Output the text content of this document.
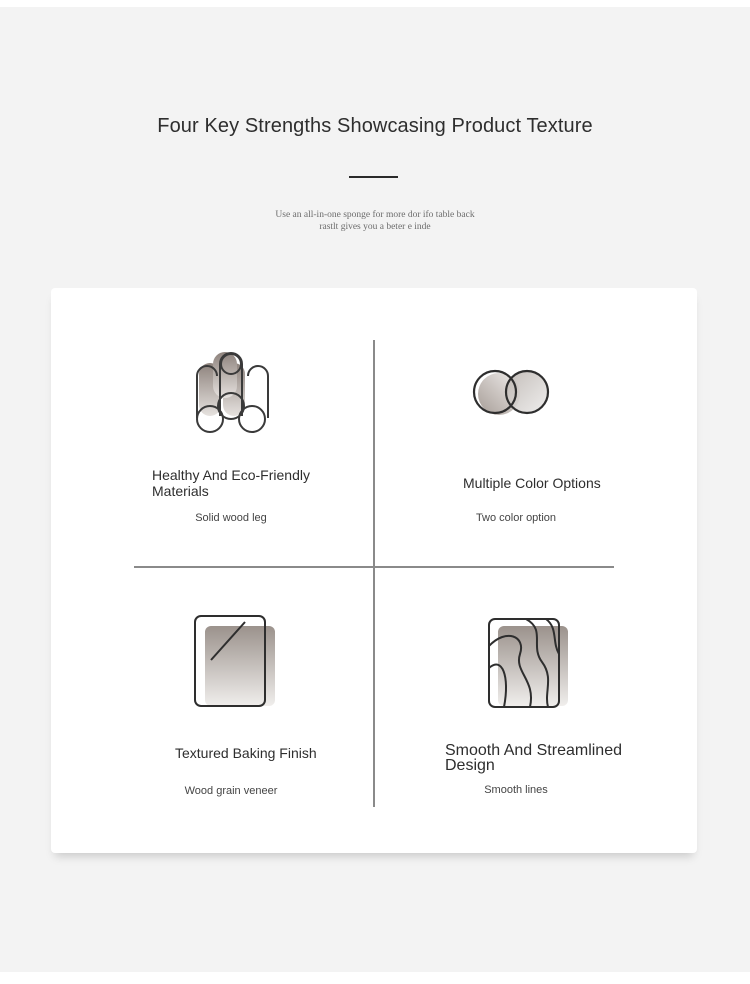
Four Key Strengths Showcasing Product Texture
Use an all-in-one sponge for more dor ifo table back
rastlt gives you a beter e inde
Healthy And Eco-Friendly Materials
Solid wood leg
Multiple Color Options
Two color option
Textured Baking Finish
Wood grain veneer
Smooth And Streamlined Design
Smooth lines
